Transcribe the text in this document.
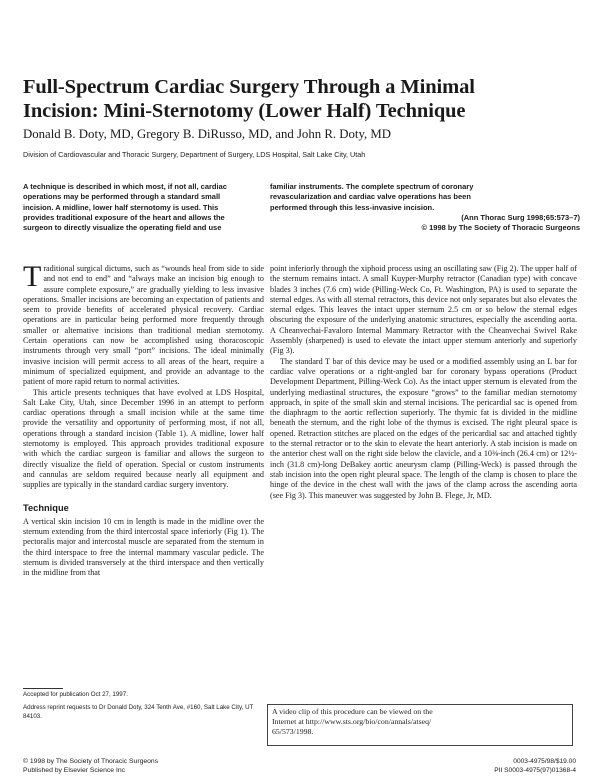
Full-Spectrum Cardiac Surgery Through a Minimal
Incision: Mini-Sternotomy (Lower Half) Technique
Donald B. Doty, MD, Gregory B. DiRusso, MD, and John R. Doty, MD
Division of Cardiovascular and Thoracic Surgery, Department of Surgery, LDS Hospital, Salt Lake City, Utah
A technique is described in which most, if not all, cardiac
operations may be performed through a standard small
incision. A midline, lower half sternotomy is used. This
provides traditional exposure of the heart and allows the
surgeon to directly visualize the operating field and use
familiar instruments. The complete spectrum of coronary
revascularization and cardiac valve operations has been
performed through this less-invasive incision.
(Ann Thorac Surg 1998;65:573–7)
© 1998 by The Society of Thoracic Surgeons

Traditional surgical dictums, such as “wounds heal from side to side and not end to end” and “always make an incision big enough to assure complete exposure,” are gradually yielding to less invasive operations. Smaller incisions are becoming an expectation of patients and seem to provide benefits of accelerated physical recovery. Cardiac operations are in particular being performed more frequently through smaller or alternative incisions than traditional median sternotomy. Certain operations can now be accomplished using thoracoscopic instruments through very small “port” incisions. The ideal minimally invasive incision will permit access to all areas of the heart, require a minimum of specialized equipment, and provide an advantage to the patient of more rapid return to normal activities.

This article presents techniques that have evolved at LDS Hospital, Salt Lake City, Utah, since December 1996 in an attempt to perform cardiac operations through a small incision while at the same time provide the versatility and opportunity of performing most, if not all, operations through a standard incision (Table 1). A midline, lower half sternotomy is employed. This approach provides traditional exposure with which the cardiac surgeon is familiar and allows the surgeon to directly visualize the field of operation. Special or custom instruments and cannulas are seldom required because nearly all equipment and supplies are typically in the standard cardiac surgery inventory.

Technique

A vertical skin incision 10 cm in length is made in the midline over the sternum extending from the third intercostal space inferiorly (Fig 1). The pectoralis major and intercostal muscle are separated from the sternum in the third interspace to free the internal mammary vascular pedicle. The sternum is divided transversely at the third interspace and then vertically in the midline from that

point inferiorly through the xiphoid process using an oscillating saw (Fig 2). The upper half of the sternum remains intact. A small Kuyper-Murphy retractor (Canadian type) with concave blades 3 inches (7.6 cm) wide (Pilling-Weck Co, Ft. Washington, PA) is used to separate the sternal edges. As with all sternal retractors, this device not only separates but also elevates the sternal edges. This leaves the intact upper sternum 2.5 cm or so below the sternal edges obscuring the exposure of the underlying anatomic structures, especially the ascending aorta. A Cheanvechai-Favaloro Internal Mammary Retractor with the Cheanvechai Swivel Rake Assembly (sharpened) is used to elevate the intact upper sternum anteriorly and superiorly (Fig 3).

The standard T bar of this device may be used or a modified assembly using an L bar for cardiac valve operations or a right-angled bar for coronary bypass operations (Product Development Department, Pilling-Weck Co). As the intact upper sternum is elevated from the underlying mediastinal structures, the exposure “grows” to the familiar median sternotomy approach, in spite of the small skin and sternal incisions. The pericardial sac is opened from the diaphragm to the aortic reflection superiorly. The thymic fat is divided in the midline beneath the sternum, and the right lobe of the thymus is excised. The right pleural space is opened. Retraction stitches are placed on the edges of the pericardial sac and attached tightly to the sternal retractor or to the skin to elevate the heart anteriorly. A stab incision is made on the anterior chest wall on the right side below the clavicle, and a 10⅜-inch (26.4 cm) or 12½-inch (31.8 cm)-long DeBakey aortic aneurysm clamp (Pilling-Weck) is passed through the stab incision into the open right pleural space. The length of the clamp is chosen to place the hinge of the device in the chest wall with the jaws of the clamp across the ascending aorta (see Fig 3). This maneuver was suggested by John B. Flege, Jr, MD.

Accepted for publication Oct 27, 1997.

Address reprint requests to Dr Donald Doty, 324 Tenth Ave, #160, Salt Lake City, UT 84103.

A video clip of this procedure can be viewed on the
Internet at http://www.sts.org/bio/con/annals/atseq/
65/573/1998.
© 1998 by The Society of Thoracic Surgeons
Published by Elsevier Science Inc
0003-4975/98/$19.00
PII S0003-4975(97)01368-4
